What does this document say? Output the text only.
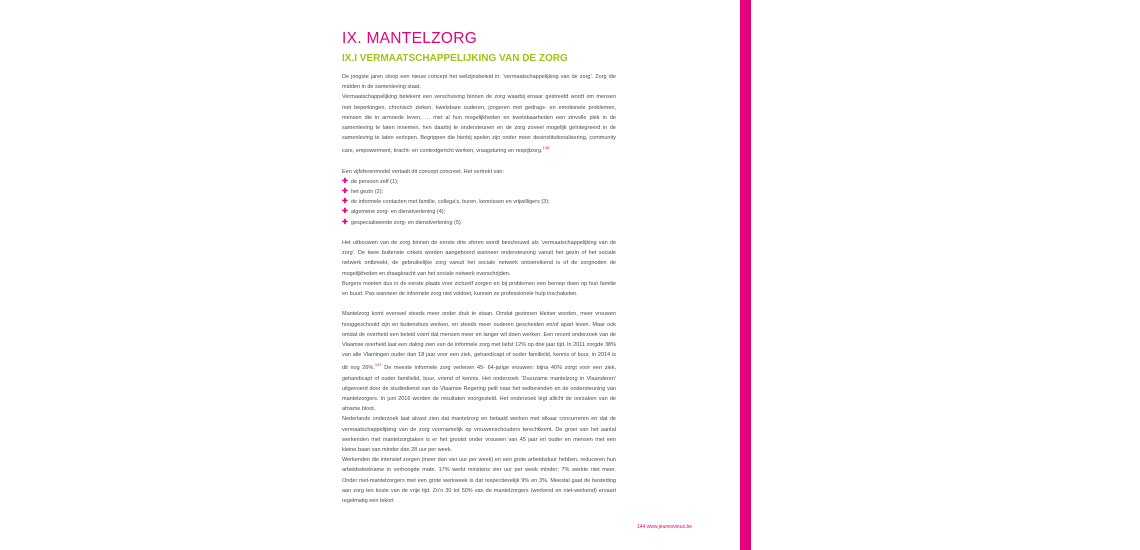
IX. MANTELZORG
IX.I VERMAATSCHAPPELIJKING VAN DE ZORG

De jongste jaren sloop een nieuw concept het welzijnsbeleid in: ‘vermaatschappelijking van de zorg’. Zorg die midden in de samenleving staat.

Vermaatschappelijking betekent een verschuiving binnen de zorg waarbij ernaar gestreefd wordt om mensen met beperkingen, chronisch zieken, kwetsbare ouderen, jongeren met gedrags- en emotionele problemen, mensen die in armoede leven, … met al hun mogelijkheden en kwetsbaarheden een zinvolle plek in de samenleving te laten innemen, hen daarbij te ondersteunen en de zorg zoveel mogelijk geïntegreerd in de samenleving te laten verlopen. Begrippen die hierbij spelen zijn onder meer desinstitutionalisering, community care, empowerment, kracht- en contextgericht werken, vraagsturing en respijtzorg.$^{136}$

Een vijfsferenmodel vertaalt dit concept concreet. Het vertrekt van:

✚ de persoon zelf (1);
✚ het gezin (2);
✚ de informele contacten met familie, collega’s, buren, kennissen en vrijwilligers (3);
✚ algemene zorg- en dienstverlening (4);
✚ gespecialiseerde zorg- en dienstverlening (5).

Het uitbouwen van de zorg binnen de eerste drie sferen wordt beschouwd als ‘vermaatschappelijking van de zorg’. De twee buitenste cirkels worden aangeboord wanneer ondersteuning vanuit het gezin of het sociale netwerk ontbreekt, de gebruikelijke zorg vanuit het sociale netwerk ontoereikend is of de zorgnoden de mogelijkheden en draagkracht van het sociale netwerk overschrijden.

Burgers moeten dus in de eerste plaats voor zichzelf zorgen en bij problemen een beroep doen op hun familie en buurt. Pas wanneer de informele zorg niet voldoet, kunnen ze professionele hulp inschakelen.

Mantelzorg komt evenwel steeds meer onder druk te staan. Omdat gezinnen kleiner worden, meer vrouwen hooggeschoold zijn en buitenshuis werken, en steeds meer ouderen gescheiden en/of apart leven. Maar ook omdat de overheid een beleid voert dat mensen meer en langer wil doen werken. Een recent onderzoek van de Vlaamse overheid laat een daling zien van de informele zorg met liefst 12% op drie jaar tijd. In 2011 zorgde 38% van alle Vlamingen ouder dan 18 jaar voor een ziek, gehandicapt of ouder familielid, kennis of buur, in 2014 is dit nog 26%.$^{137}$ De meeste informele zorg verlenen 45- 64-jarige vrouwen: bijna 40% zorgt voor een ziek, gehandicapt of ouder familielid, buur, vriend of kennis. Het onderzoek ‘Duurzame mantelzorg in Vlaanderen’ uitgevoerd door de studiedienst van de Vlaamse Regering peilt naar het welbevinden en de ondersteuning van mantelzorgers. In juni 2016 worden de resultaten voorgesteld. Het onderzoek legt allicht de oorzaken van de afname bloot.

Nederlands onderzoek laat alvast zien dat mantelzorg en betaald werken met elkaar concurreren en dat de vermaatschappelijking van de zorg voornamelijk op vrouwenschouders terechtkomt. De groei van het aantal werkenden met mantelzorgtaken is er het grootst onder vrouwen van 45 jaar en ouder en mensen met een kleine baan van minder dan 28 uur per week.

Werkenden die intensief zorgen (meer dan vier uur per week) en een grote arbeidsduur hebben, reduceren hun arbeidsdeelname in verhoogde mate. 17% werkt minstens vier uur per week minder; 7% werkte niet meer. Onder niet-mantelzorgers met een grote werkweek is dat respectievelijk 9% en 3%. Meestal gaat de besteding aan zorg ten koste van de vrije tijd. Zo’n 30 tot 50% van de mantelzorgers (werkend en niet-werkend) ervaart regelmatig een tekort

144 www.jeunesvieux.be
